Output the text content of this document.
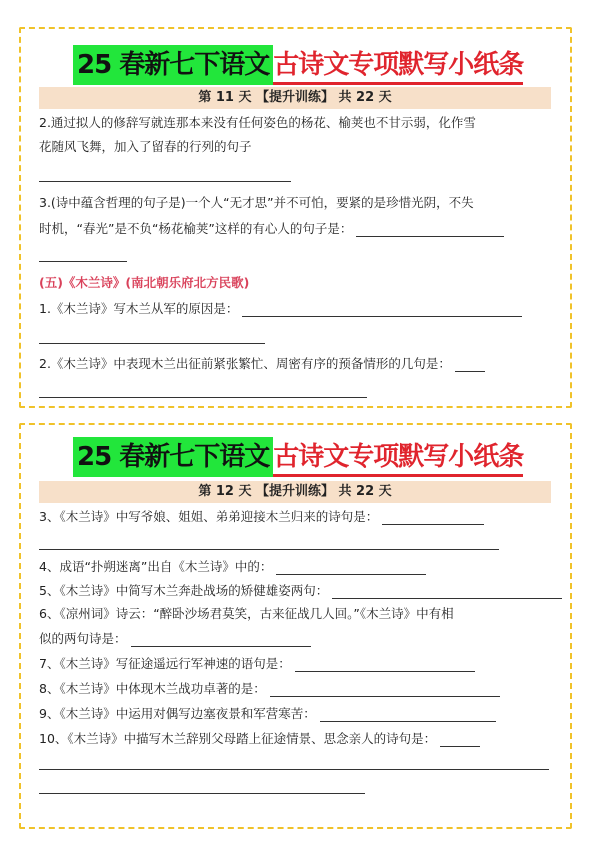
25 春新七下语文 古诗文专项默写小纸条
第 11 天 【提升训练】 共 22 天
2.通过拟人的修辞写就连那本来没有任何姿色的杨花、榆荚也不甘示弱，化作雪
花随风飞舞，加入了留春的行列的句子
3.(诗中蕴含哲理的句子是)一个人“无才思”并不可怕，要紧的是珍惜光阴，不失
时机，“春光”是不负“杨花榆荚”这样的有心人的句子是：
(五)《木兰诗》(南北朝乐府北方民歌)
1.《木兰诗》写木兰从军的原因是：
2.《木兰诗》中表现木兰出征前紧张繁忙、周密有序的预备情形的几句是：
25 春新七下语文 古诗文专项默写小纸条
第 12 天 【提升训练】 共 22 天
3、《木兰诗》中写爷娘、姐姐、弟弟迎接木兰归来的诗句是：
4、成语“扑朔迷离”出自《木兰诗》中的：
5、《木兰诗》中简写木兰奔赴战场的矫健雄姿两句：
6、《凉州词》诗云：“醉卧沙场君莫笑，古来征战几人回。”《木兰诗》中有相
似的两句诗是：
7、《木兰诗》写征途遥远行军神速的语句是：
8、《木兰诗》中体现木兰战功卓著的是：
9、《木兰诗》中运用对偶写边塞夜景和军营寒苦：
10、《木兰诗》中描写木兰辞别父母踏上征途情景、思念亲人的诗句是：
